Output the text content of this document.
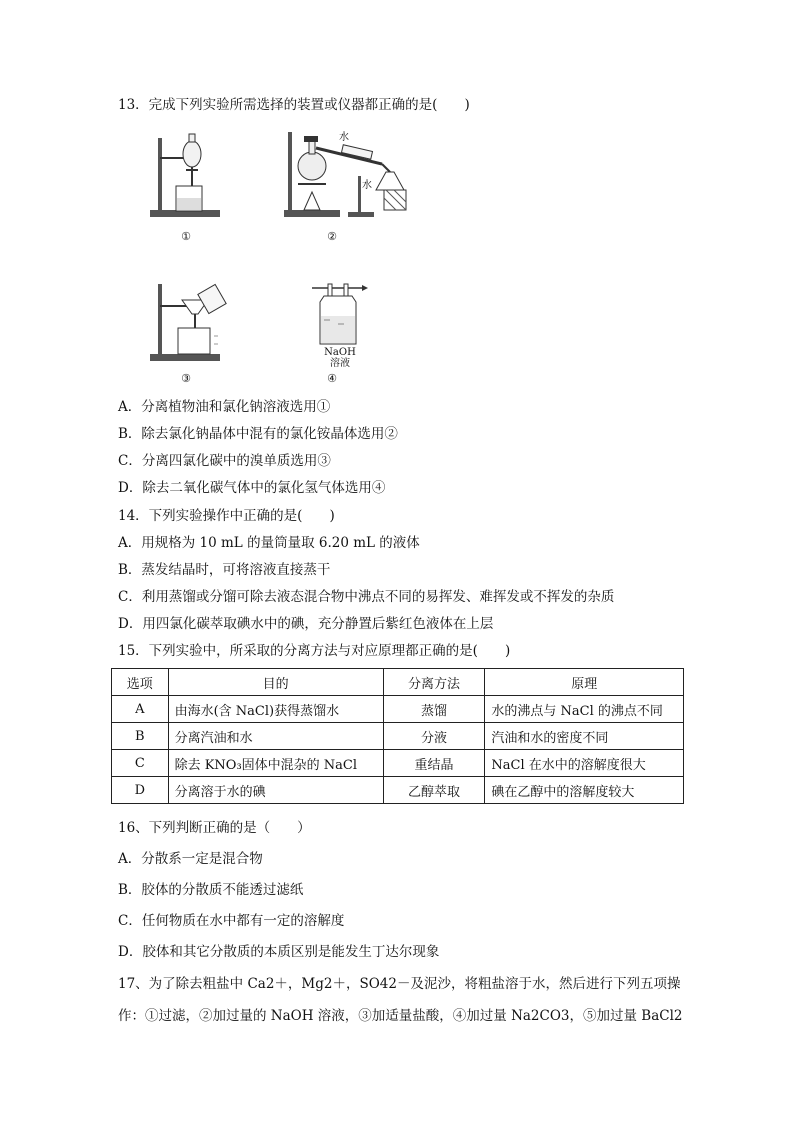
13．完成下列实验所需选择的装置或仪器都正确的是(　　)
①
水
水
②
③
NaOH
溶液
④
A．分离植物油和氯化钠溶液选用①
B．除去氯化钠晶体中混有的氯化铵晶体选用②
C．分离四氯化碳中的溴单质选用③
D．除去二氧化碳气体中的氯化氢气体选用④
14．下列实验操作中正确的是(　　)
A．用规格为 10 mL 的量筒量取 6.20 mL 的液体
B．蒸发结晶时，可将溶液直接蒸干
C．利用蒸馏或分馏可除去液态混合物中沸点不同的易挥发、难挥发或不挥发的杂质
D．用四氯化碳萃取碘水中的碘，充分静置后紫红色液体在上层
15．下列实验中，所采取的分离方法与对应原理都正确的是(　　)
选项	目的	分离方法	原理
A	由海水(含 NaCl)获得蒸馏水	蒸馏	水的沸点与 NaCl 的沸点不同
B	分离汽油和水	分液	汽油和水的密度不同
C	除去 KNO₃固体中混杂的 NaCl	重结晶	NaCl 在水中的溶解度很大
D	分离溶于水的碘	乙醇萃取	碘在乙醇中的溶解度较大
16、下列判断正确的是（　　）
A．分散系一定是混合物
B．胶体的分散质不能透过滤纸
C．任何物质在水中都有一定的溶解度
D．胶体和其它分散质的本质区别是能发生丁达尔现象
17、为了除去粗盐中 Ca2＋，Mg2＋，SO42－及泥沙，将粗盐溶于水，然后进行下列五项操
作：①过滤，②加过量的 NaOH 溶液，③加适量盐酸，④加过量 Na2CO3，⑤加过量 BaCl2
